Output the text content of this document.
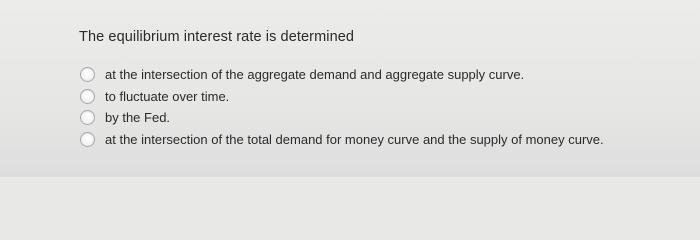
The equilibrium interest rate is determined
at the intersection of the aggregate demand and aggregate supply curve.
to fluctuate over time.
by the Fed.
at the intersection of the total demand for money curve and the supply of money curve.
